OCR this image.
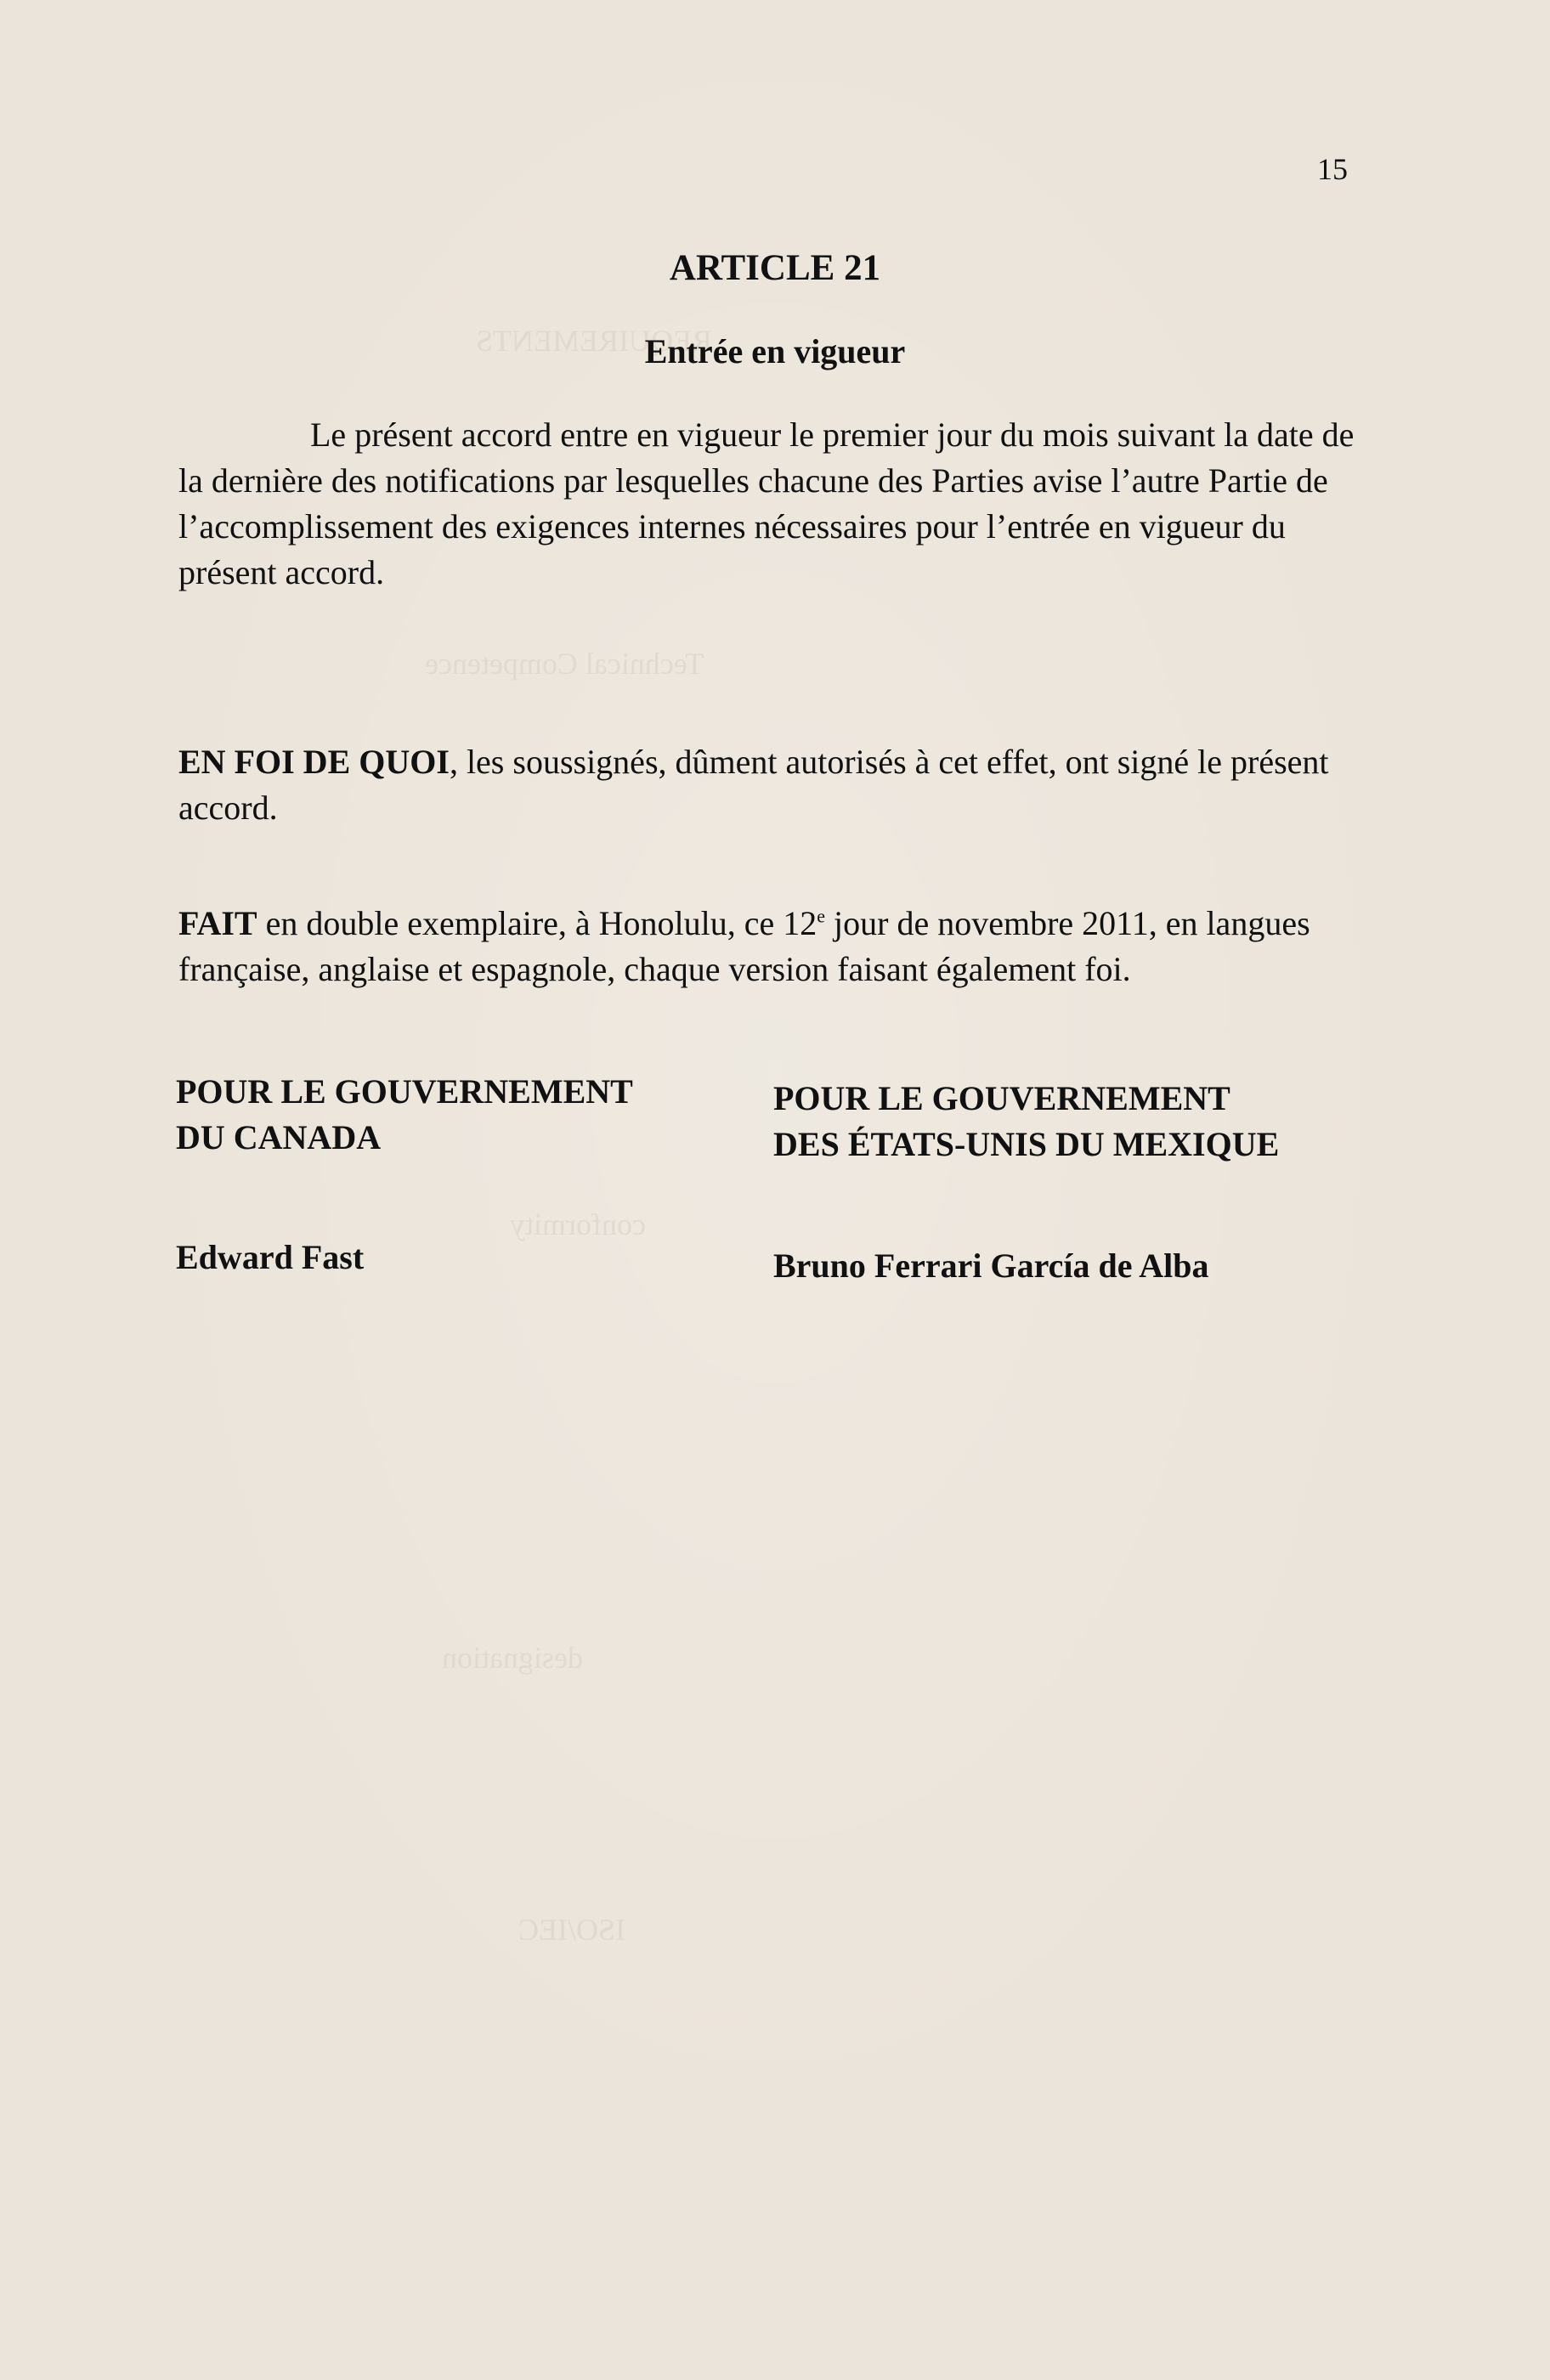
REQUIREMENTS
Technical Competence
conformity
designation
ISO/IEC
15
ARTICLE 21
Entrée en vigueur

Le présent accord entre en vigueur le premier jour du mois suivant la date de la dernière des notifications par lesquelles chacune des Parties avise l’autre Partie de l’accomplissement des exigences internes nécessaires pour l’entrée en vigueur du présent accord.

EN FOI DE QUOI, les soussignés, dûment autorisés à cet effet, ont signé le présent accord.

FAIT en double exemplaire, à Honolulu, ce 12e jour de novembre 2011, en langues française, anglaise et espagnole, chaque version faisant également foi.

POUR LE GOUVERNEMENT
DU CANADA
POUR LE GOUVERNEMENT
DES ÉTATS-UNIS DU MEXIQUE
Edward Fast	Bruno Ferrari García de Alba
